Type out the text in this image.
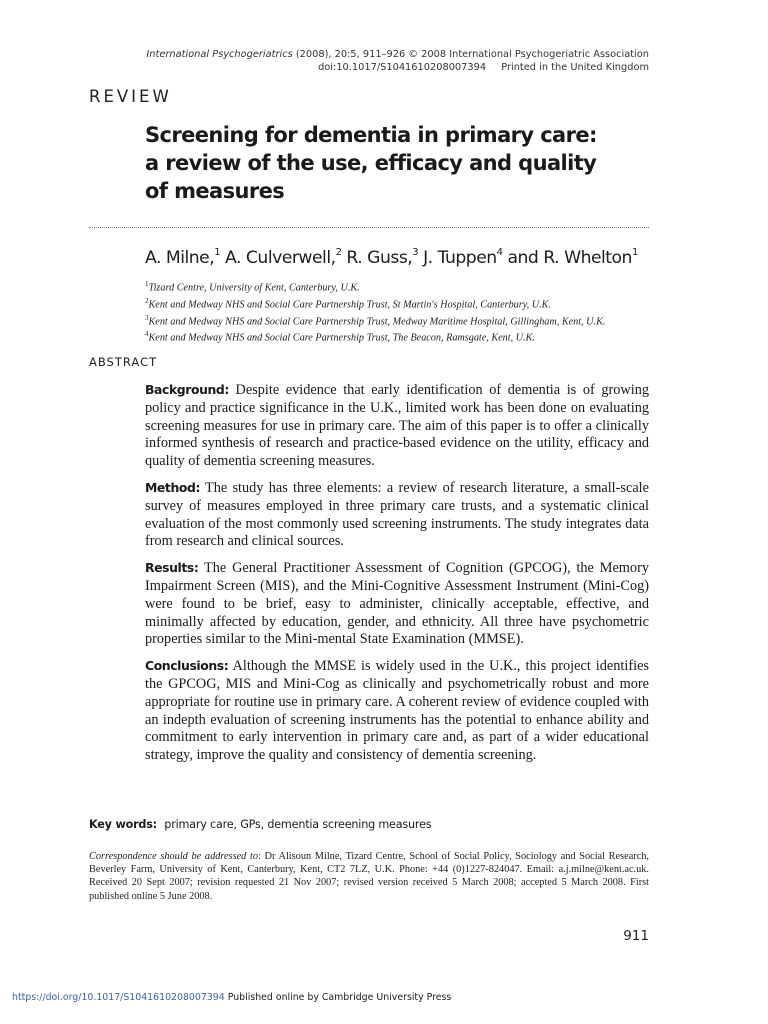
International Psychogeriatrics (2008), 20:5, 911–926 © 2008 International Psychogeriatric Association
doi:10.1017/S1041610208007394 Printed in the United Kingdom
REVIEW
Screening for dementia in primary care:
a review of the use, efficacy and quality
of measures
A. Milne,$^1$ A. Culverwell,$^2$ R. Guss,$^3$ J. Tuppen$^4$ and R. Whelton$^1$
$^1$Tizard Centre, University of Kent, Canterbury, U.K.
$^2$Kent and Medway NHS and Social Care Partnership Trust, St Martin's Hospital, Canterbury, U.K.
$^3$Kent and Medway NHS and Social Care Partnership Trust, Medway Maritime Hospital, Gillingham, Kent, U.K.
$^4$Kent and Medway NHS and Social Care Partnership Trust, The Beacon, Ramsgate, Kent, U.K.
ABSTRACT

Background: Despite evidence that early identification of dementia is of growing policy and practice significance in the U.K., limited work has been done on evaluating screening measures for use in primary care. The aim of this paper is to offer a clinically informed synthesis of research and practice-based evidence on the utility, efficacy and quality of dementia screening measures.

Method: The study has three elements: a review of research literature, a small-scale survey of measures employed in three primary care trusts, and a systematic clinical evaluation of the most commonly used screening instruments. The study integrates data from research and clinical sources.

Results: The General Practitioner Assessment of Cognition (GPCOG), the Memory Impairment Screen (MIS), and the Mini-Cognitive Assessment Instrument (Mini-Cog) were found to be brief, easy to administer, clinically acceptable, effective, and minimally affected by education, gender, and ethnicity. All three have psychometric properties similar to the Mini-mental State Examination (MMSE).

Conclusions: Although the MMSE is widely used in the U.K., this project identifies the GPCOG, MIS and Mini-Cog as clinically and psychometrically robust and more appropriate for routine use in primary care. A coherent review of evidence coupled with an indepth evaluation of screening instruments has the potential to enhance ability and commitment to early intervention in primary care and, as part of a wider educational strategy, improve the quality and consistency of dementia screening.

Key words: primary care, GPs, dementia screening measures
Correspondence should be addressed to: Dr Alisoun Milne, Tizard Centre, School of Social Policy, Sociology and Social Research, Beverley Farm, University of Kent, Canterbury, Kent, CT2 7LZ, U.K. Phone: +44 (0)1227-824047. Email: a.j.milne@kent.ac.uk. Received 20 Sept 2007; revision requested 21 Nov 2007; revised version received 5 March 2008; accepted 5 March 2008. First published online 5 June 2008.
911
https://doi.org/10.1017/S1041610208007394 Published online by Cambridge University Press
